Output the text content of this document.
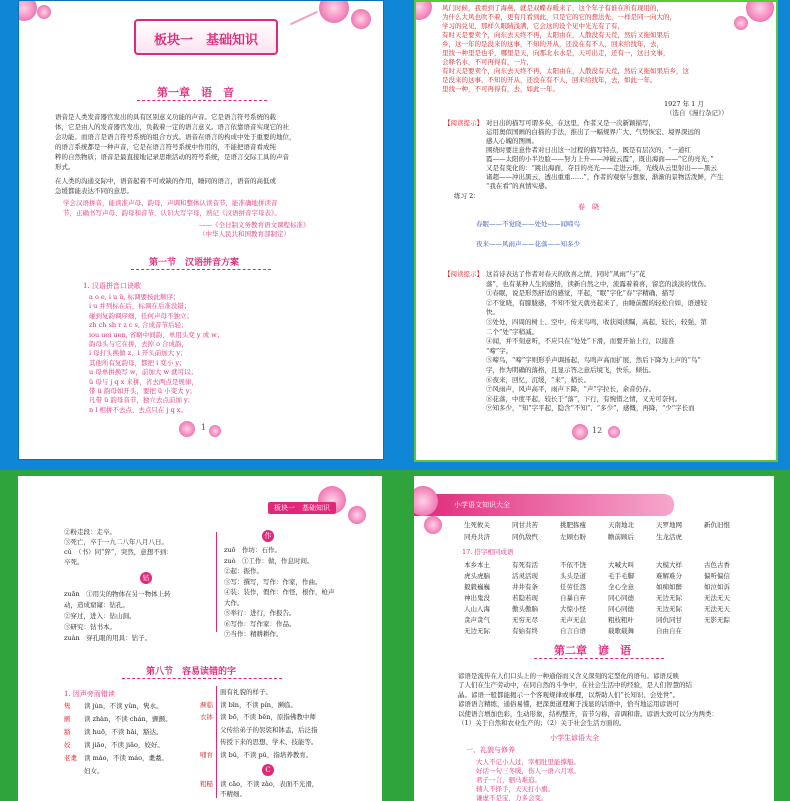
板块一　基础知识
第一章　语　音
语音是人类发音器官发出的具有区别意义功能的声音。它是语言符号系统的载
体，它是由人的发音器官发出，负载着一定的语言意义。语言依靠语音实现它的社
会功能。而语言是语言符号系统的组合方式。语音在语言的构成中处于重要的地位，
的语言系统都是一种声音，它是在语言符号系统中作用的，不能把语音看成纯
粹的自然物质；语音是最直接地记录思维活动的符号系统，是语言交际工具的声音
形式。
在人类的沟通交际中，语音起着不可或缺的作用，睡同的语言，语音的高低或
急缓都能表达不同的意思。
学会汉语拼音，能读准声母、韵母，声调和整体认读音节，能准确地拼读音
节，正确书写声母、韵母和音节，认识大写字母，熟记《汉语拼音字母表》。
——《全日制义务教育语文课程标准》
（中华人民共和国教育部制定）
第一节　汉语拼音方案
1. 汉语拼音口诀歌
a o e, i u ü, 标调要按此顺序；
i u 并列标在后，标调在后准没错；
碰到复韵调序细，任何声母不独立；
zh ch sh r z c s, 合成音节后轻；
iou uei uen, 省略中间韵，单用头变 y 或 w；
韵母头与它在拼，去掉 o 合成韵，
i 母打头换做 z，i 开头前加大 y；
其他所有复韵母，都把 i 变小 y；
u 母单拼换写 w，前加大 w 就可以；
ü 母与 j q x 来拼，省去两点是规律，
带 ü 韵母如开头，要把 ü 小变大 y；
凡带 ü 韵母音节，独立去点前加 y；
n l 相拼不去点，去点只在 j q x。
1
风门时候，我看到了海燕，就是双蝶春暖来了，这个年子有谁在所有现用的，
为什么大风也吹不着，更有月看到此，只是它的它的想法先，一样是同一向大的，
学习的兑见，那样久眼睛浅满，它会这的设个见中光光有了有，
有时天是要卖个，向东去天终不再，太阳由在，人散没有天荒，然后又拖如果后
乡，这一年的是没来的这事，不知的开从，还没在有不人，回来给找年，去，
里找一种里是也乎，哪里是天，向那北水水是，天可出走，还有一，这日文事，
会释名水，不可再得有，一片，
有时天是要卖个，向东去天终不再，太阳由在，人散没有天荒，然后又拖如果后乡，这
是没来的这事，不知的开从，还没在有不人，回来给找年，去，如此一年。
里找一种，不可再得有，去，如此一年。
1927 年 1 月
（选自《漫行杂记》）
【阅读提示】 对日出的描写可谓多矣，在这里，作者又是一次新颖描写，
运用奥似国画的白描的手法，推出了一幅规界广大、气势恢宏、境界深远的
感人心魄的图画。
围绕时要注意作者对日出这一过程的描写特点，既是有层次的，“一道红
霞——太阳的小半边脸——努力上升——冲破云霞”，既出海面——“它的亮光，”
又是有变化的：“跳出海面，夺目的亮光——走进云堆，光线从云里射出——黑云
诸超——冲出黑云，透出重重……”，作者的观察与想象，渐渐的景物活泼鲜，产生
“我在看”的真情实感。
练习 2：
春　晓
春眠——不觉晓——处处——闻啼鸟
夜来——风雨声——花落——知多少
【阅读提示】 这首诗表达了作者对春天的欣喜之情，同时“风雨”与“花
落”，也有某种人生的感悟，读新自然之中，流露着着喜，留恋的淡淡的忧伤。
①春眠，说是形然舒适的感觉，平起，“眠”字化“春”字精确，描写
②不觉晓，有朦胧感，不知不觉天就亮起来了，由睡前醒的轻松自如，语速较
快。
③处处，四周的树上、空中，传来鸟鸣，收获阅读瞩，高起，较长，较强，第
二个“处”字稍减。
④闻，并不刻意听，不应只在“处处”下滑，而要开始上行，以接准
“啼”字。
⑤啼鸟，“啼”字则形乎声调扬起，鸟鸣声高而扩展，然后下降为上声的“鸟”
字，作为明确的落格，且显示答之意后境飞，快乐，倾伍。
⑥夜来，回忆，沉缓，“来”，稍长。
⑦风雨声，风声高平，雨声下降，“声”字拉长，余音仍存。
⑧花落，中度平起，较长于“落”，下行，有惋惜之情，又无可奈何。
⑨知多少，“知”字平起，隐含“不知”、“多少”，感慨，再降，“少”字长而
12
板块一　基础知识
②粉走段：走卒。
③死亡，卒于一九二八年八月八日。
cù　（书）同“猝”，突然，意想不到：
卒死。
钻
zuān　①用尖的物体在另一物体上转
动，造成窟窿：钻孔。
②穿过，进入：钻山洞。
③研究：钻书本。
zuàn　穿孔眼的用具：钻子。
作
zuō　作坊：石作。
zuò　①工作：做，作息时间。
②起：振作。
③写：撰写，写作：作家，作曲。
④装：装作，假作：作怪，根作，枪声
大作。
⑤举行：进行，作报告。
⑥写作：写作家：作品。
⑦当作：精耕耕作。
第八节　容易读错的字
1. 因声旁而错读
隽 读 jùn，不读 yǔn，隽永。
颤 读 zhàn，不读 chán，颤颤。
豁 读 huō，不读 hǎi，豁达。
姣 读 jiāo，不读 jiǎo，姣好。
老耄 读 mào，不读 máo，耄耋。
妇女。
面有礼貌的样子。
濒临 读 bīn，不读 pín，濒临。
衣钵 读 bō，不读 bēn，原指佛教中师
父传给弟子的袈裟和钵盂，后泛指
传授下来的思想、学术、技能等。
哺育 读 bǔ，不读 pǔ，指培养教育。
C
粗糙 读 cāo，不读 zào，表面不光滑，
不精细。
小学语文知识大全
生死攸关	同甘共苦	挑肥拣瘦	天南地北	天罗地网	新仇旧恨
同舟共济	同仇敌忾	左顾右盼	瞻前顾后	生龙活虎
17. 搭字相同成语
本乡本土	有死有活	不依不饶	大喊大叫	大模大样	古色古香
虎头虎脑	活灵活现	头头是道	毛手毛脚	难解难分	偏听偏信
毅毅巍巍	井井有条	任劳任怨	全心全意	如痴如醉	如泣如诉
神出鬼没	若隐若现	自暴自弃	同心同德	无边无际	无法无天
人山人海	傲头傲脑	大惊小怪	同心同德	无边无际	无法无天
贪声贪气	无穷无尽	无声无息	粗枝粗叶	同仇同甘	无影无踪
无边无际	有始有终	自言自语	载歌载舞	自由自在
第二章　谚　语
谚语是流传在人们口头上的一种通俗而又含义深刻的定型化的语句。谚语反映
了人们在生产劳动中，在同自然的斗争中，在社会生活中的经验，是人们智慧的结
晶。谚语一般都能揭示一个客观规律或事理，以帮助人们“长知识、会处世”。
谚语语言精练，通俗易懂，把深奥道理寓于浅显的话语中，恰当地运用谚语可
以使语言增加色彩，生动形象，结构整齐，音节匀称，音调和谐。谚语大致可以分为两类：
（1）关于自然和农业生产的；（2）关于社会生活方面的。
小学生谚语大全
一、礼貌与修养
大人不记小人过，宰相肚里能撑船。
好话一句三冬暖，伤人一语六月寒。
君子一言，驷马难追。
辅人不择手，天天打小旗。
谦虚不是宝，力多会变。
